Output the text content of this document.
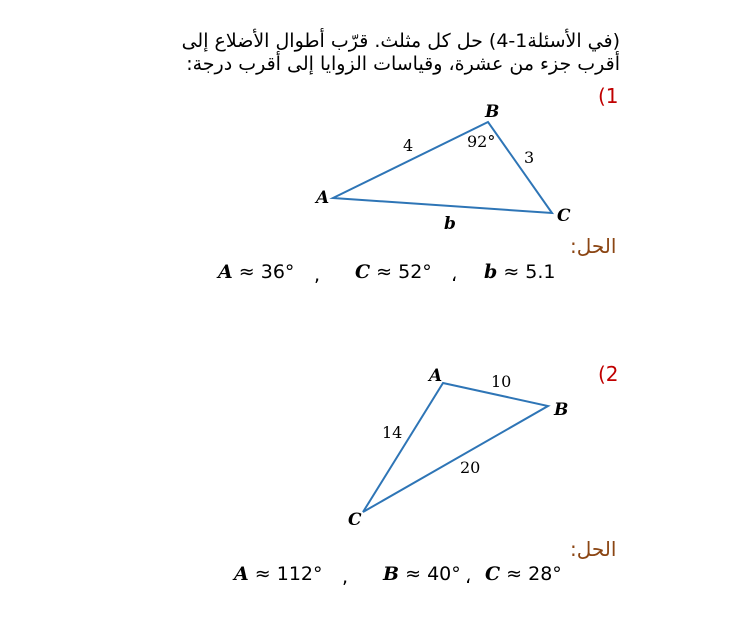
(في الأسئلة1-4) حل كل مثلث. قرّب أطوال الأضلاع إلى

أقرب جزء من عشرة، وقياسات الزوايا إلى أقرب درجة:

(1
A
B
C
4
3
b
92°
الحل:
A ≈ 36° , C ≈ 52° ، b ≈ 5.1
(2
A
B
C
10
14
20
الحل:
A ≈ 112° , B ≈ 40° ، C ≈ 28°
